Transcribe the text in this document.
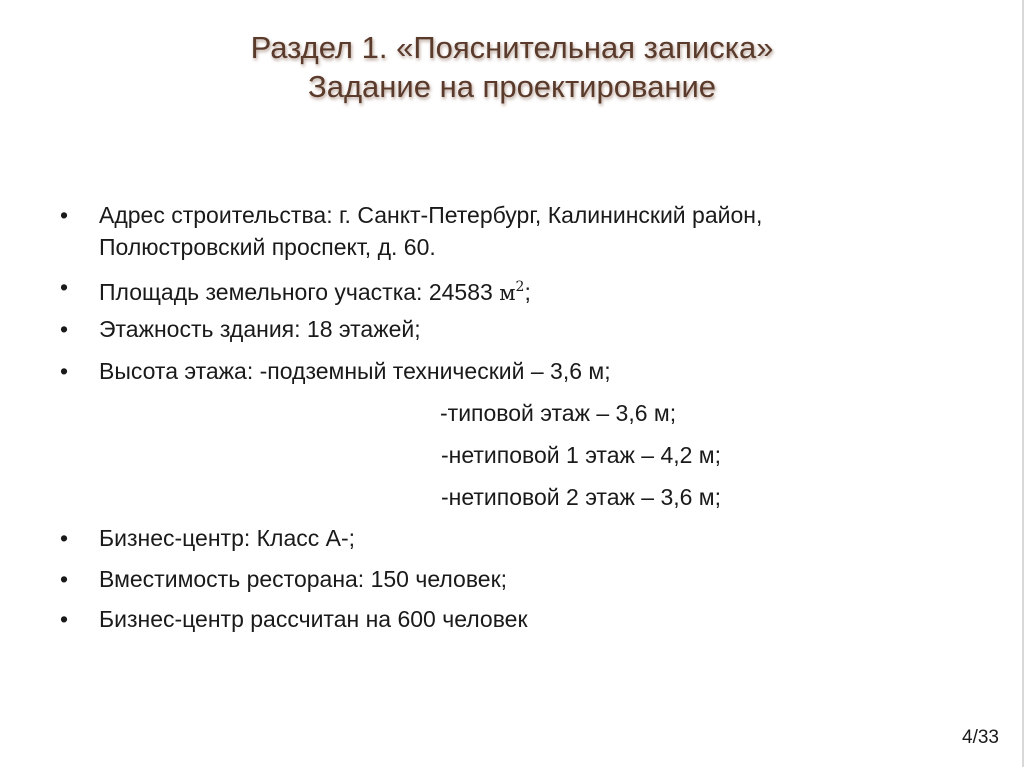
Раздел 1. «Пояснительная записка»
Задание на проектирование
• Адрес строительства: г. Санкт-Петербург, Калининский район,
Полюстровский проспект, д. 60.
• Площадь земельного участка: 24583 $м^2$;
• Этажность здания: 18 этажей;
• Высота этажа: -подземный технический – 3,6 м;
-типовой этаж – 3,6 м;
-нетиповой 1 этаж – 4,2 м;
-нетиповой 2 этаж – 3,6 м;
• Бизнес-центр: Класс А-;
• Вместимость ресторана: 150 человек;
• Бизнес-центр рассчитан на 600 человек
4/33
